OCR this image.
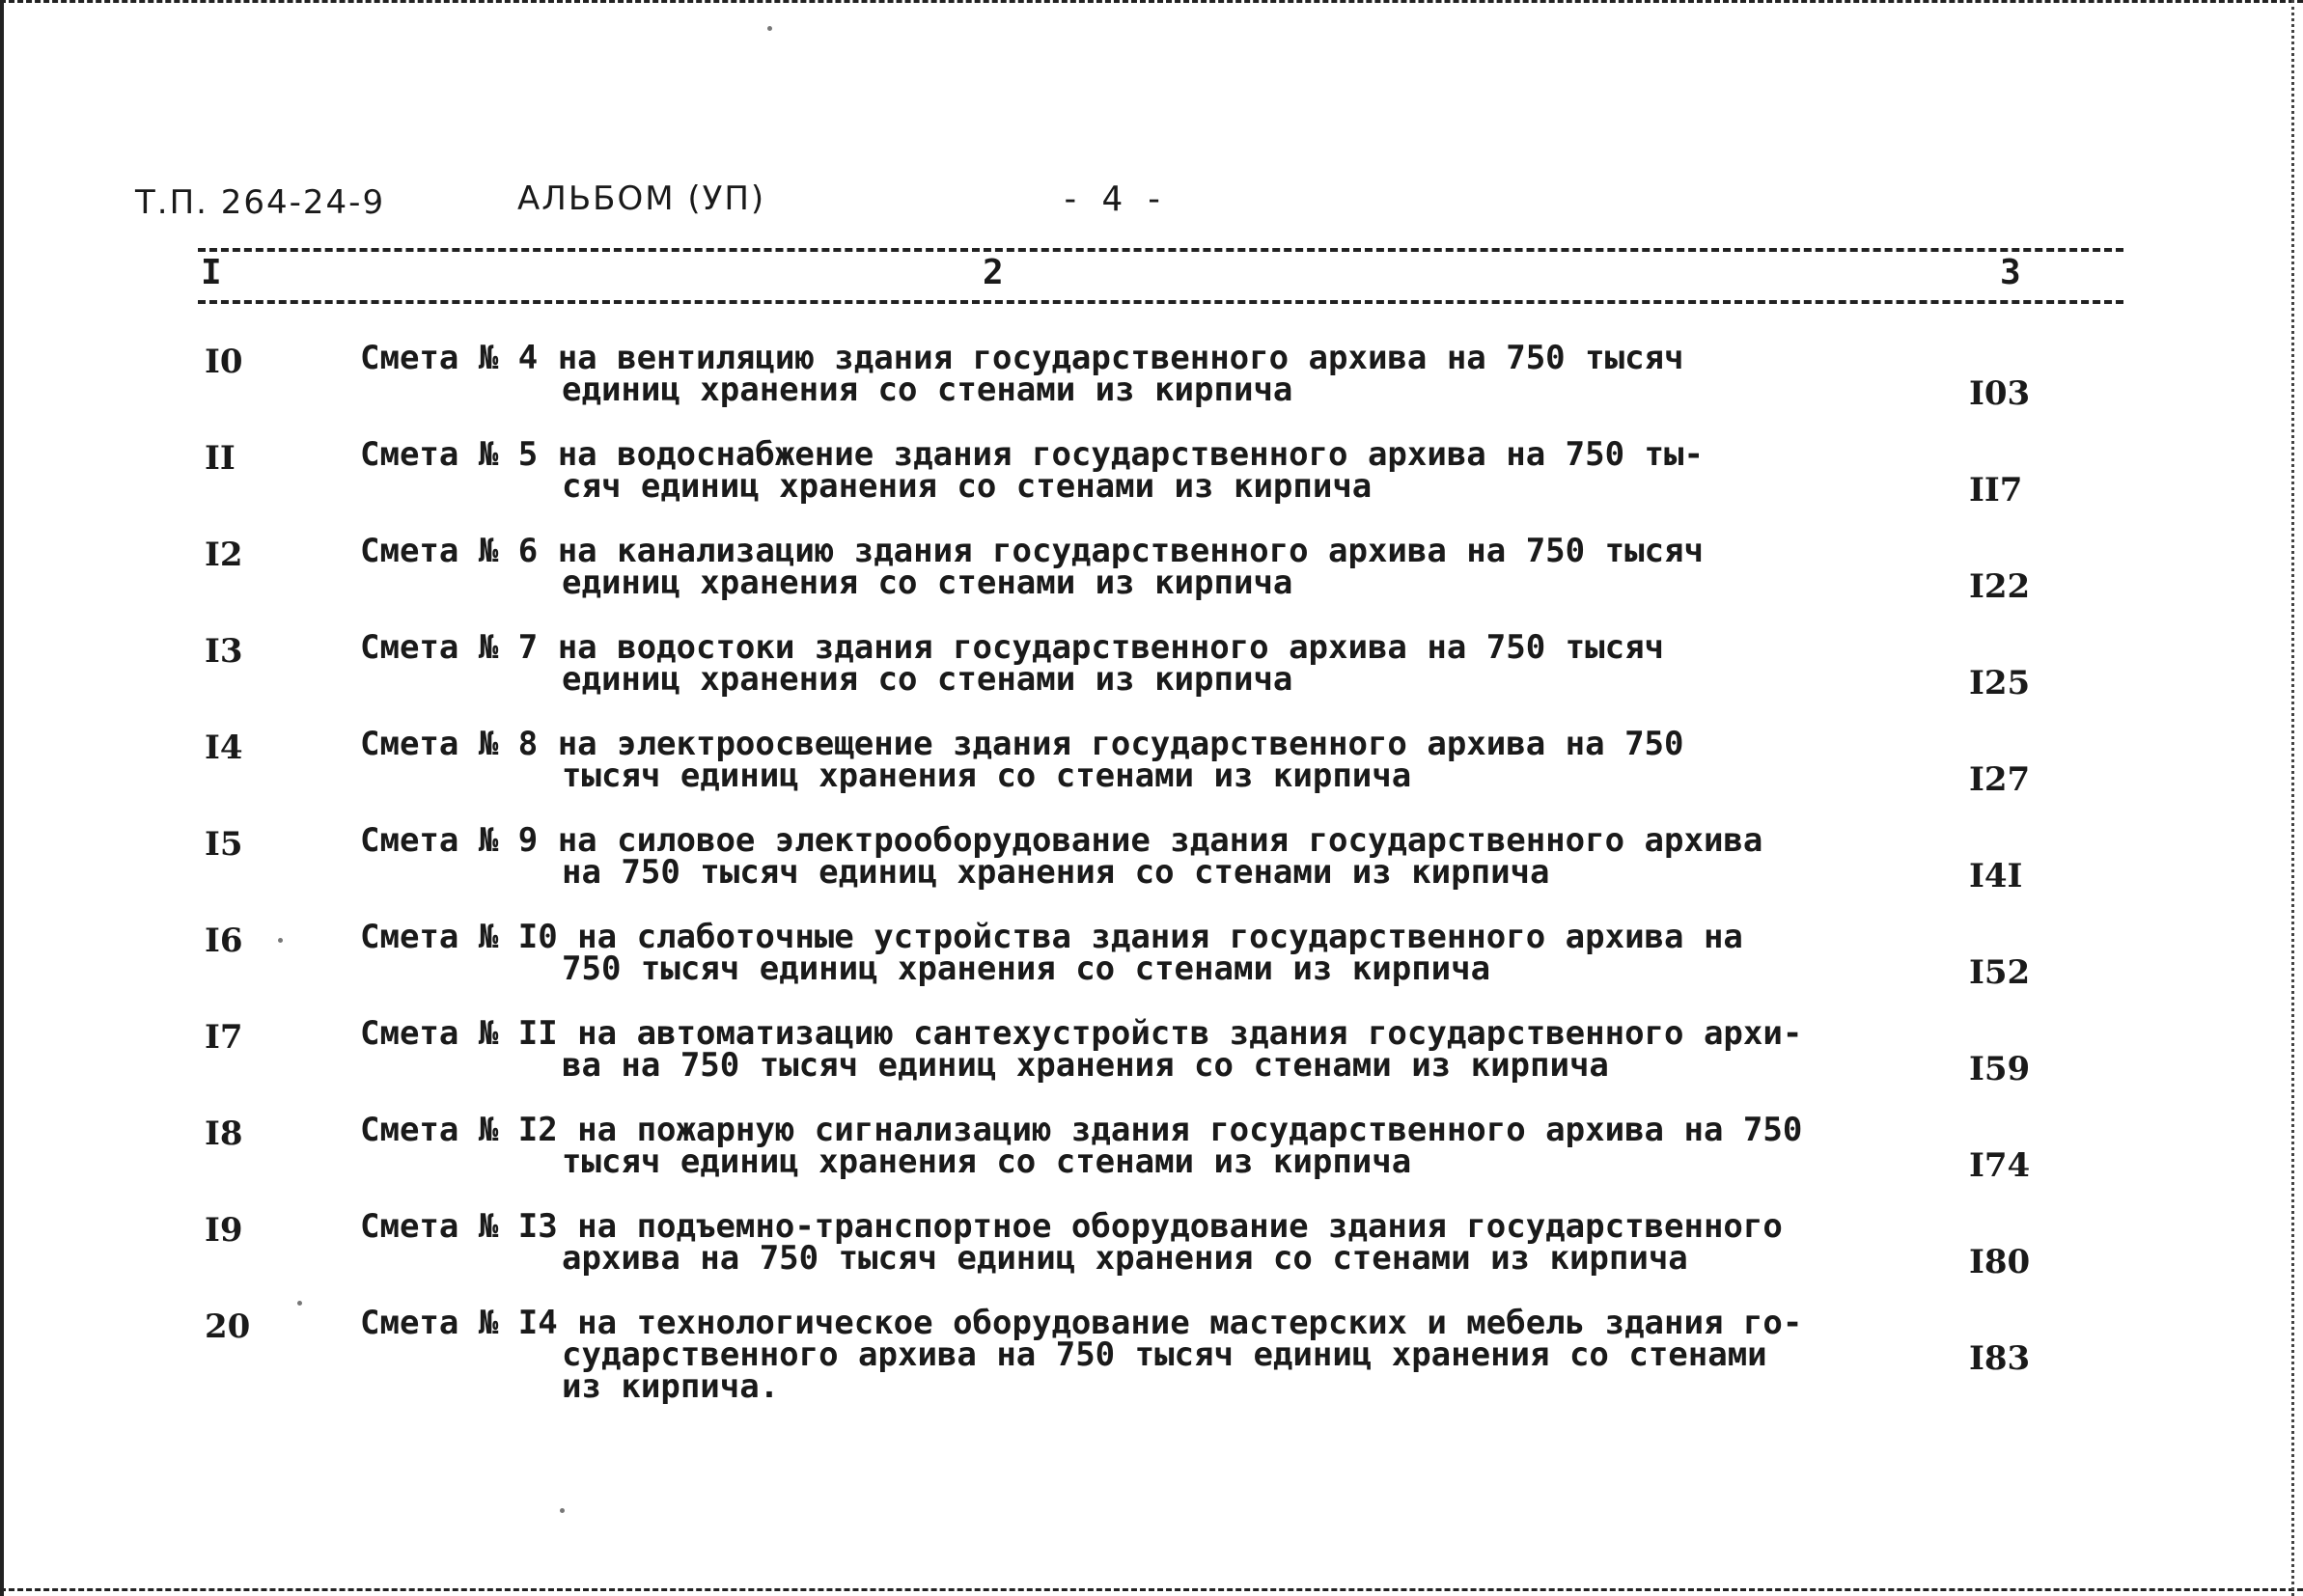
Т.П. 264-24-9	АЛЬБОМ (УП)	- 4 -
I	2	3
I0	Смета № 4 на вентиляцию здания государственного архива на 750 тысяч
единиц хранения со стенами из кирпича	I03
II	Смета № 5 на водоснабжение здания государственного архива на 750 ты-
сяч единиц хранения со стенами из кирпича	II7
I2	Смета № 6 на канализацию здания государственного архива на 750 тысяч
единиц хранения со стенами из кирпича	I22
I3	Смета № 7 на водостоки здания государственного архива на 750 тысяч
единиц хранения со стенами из кирпича	I25
I4	Смета № 8 на электроосвещение здания государственного архива на 750
тысяч единиц хранения со стенами из кирпича	I27
I5	Смета № 9 на силовое электрооборудование здания государственного архива
на 750 тысяч единиц хранения со стенами из кирпича	I4I
I6	Смета № I0 на слаботочные устройства здания государственного архива на
750 тысяч единиц хранения со стенами из кирпича	I52
I7	Смета № II на автоматизацию сантехустройств здания государственного архи-
ва на 750 тысяч единиц хранения со стенами из кирпича	I59
I8	Смета № I2 на пожарную сигнализацию здания государственного архива на 750
тысяч единиц хранения со стенами из кирпича	I74
I9	Смета № I3 на подъемно-транспортное оборудование здания государственного
архива на 750 тысяч единиц хранения со стенами из кирпича	I80
20	Смета № I4 на технологическое оборудование мастерских и мебель здания го-
сударственного архива на 750 тысяч единиц хранения со стенами
из кирпича.
I83
